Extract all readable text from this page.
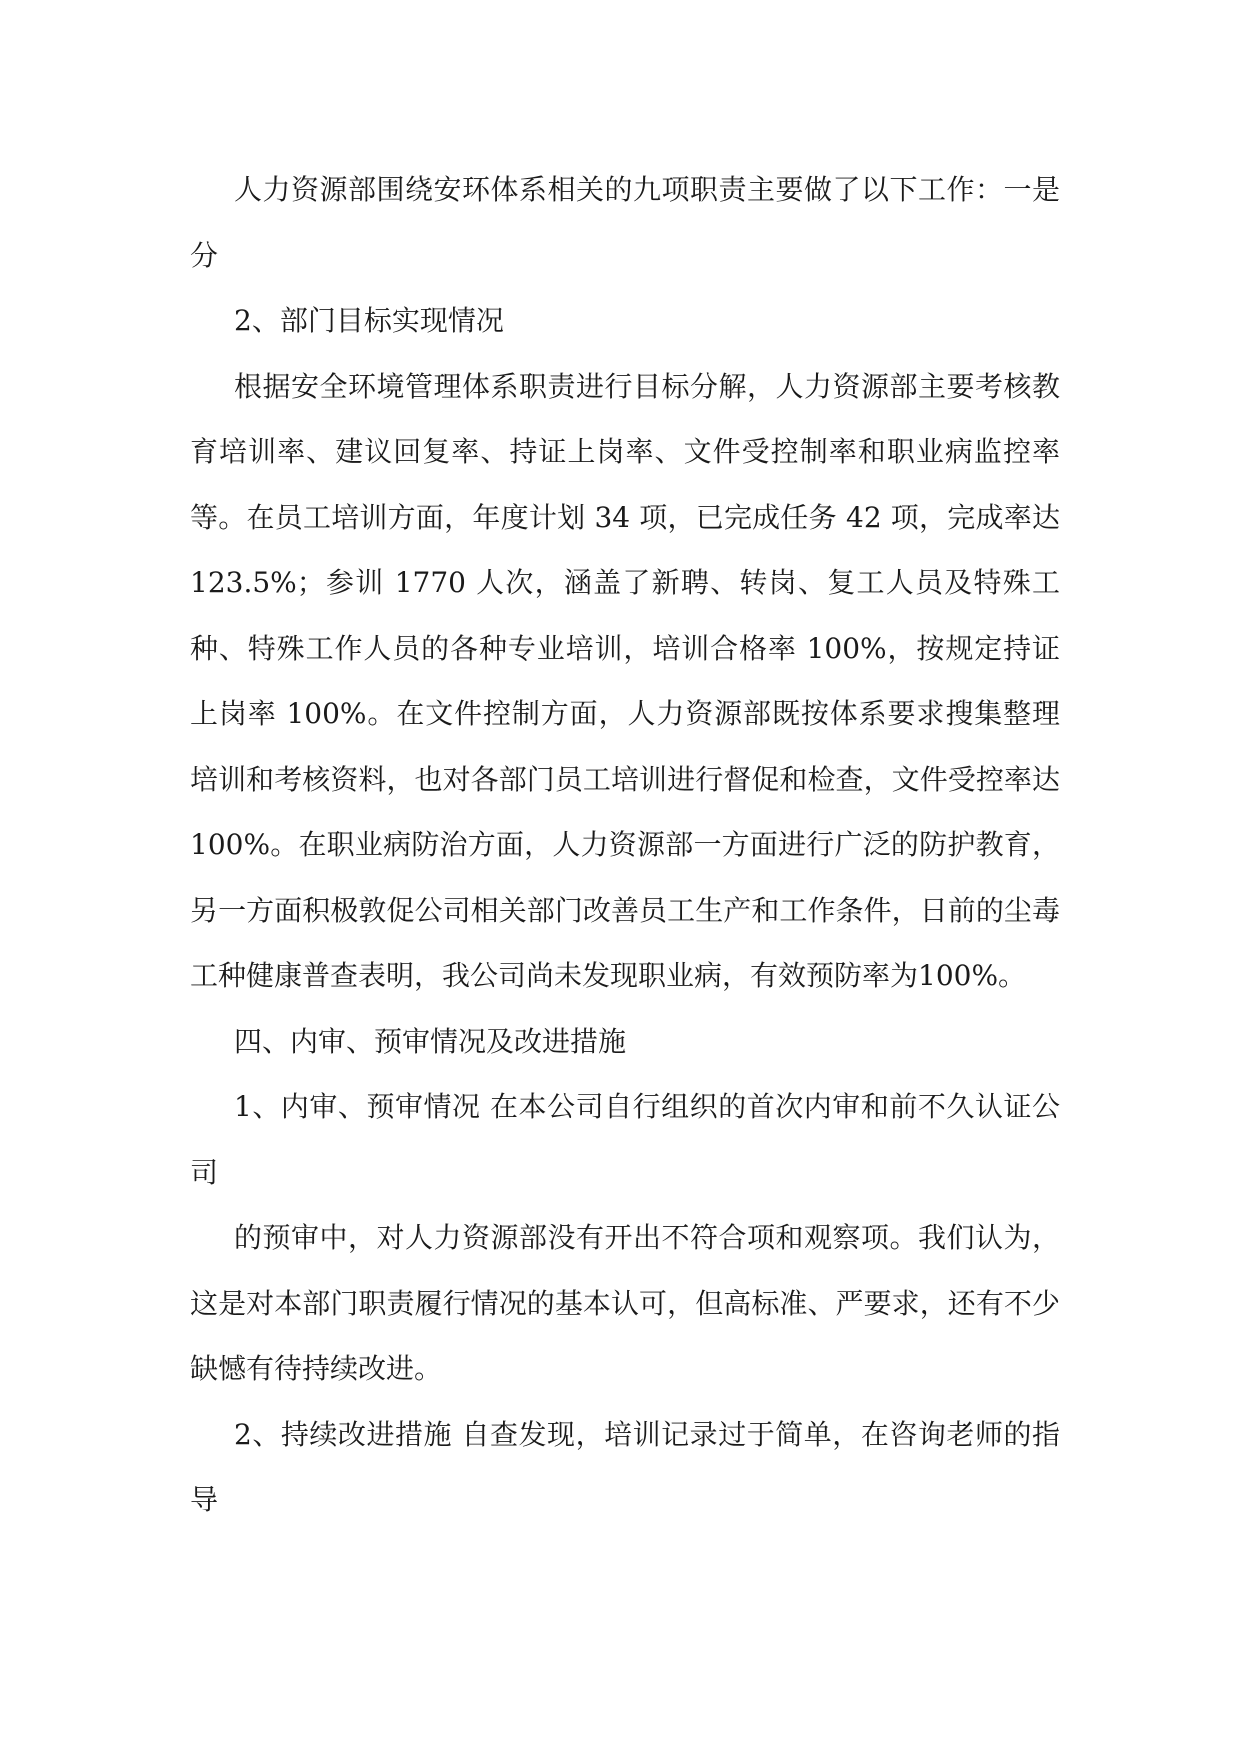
人力资源部围绕安环体系相关的九项职责主要做了以下工作：一是分

2、部门目标实现情况

根据安全环境管理体系职责进行目标分解，人力资源部主要考核教育培训率、建议回复率、持证上岗率、文件受控制率和职业病监控率等。在员工培训方面，年度计划 34 项，已完成任务 42 项，完成率达 123.5%；参训 1770 人次，涵盖了新聘、转岗、复工人员及特殊工种、特殊工作人员的各种专业培训，培训合格率 100%，按规定持证上岗率 100%。在文件控制方面，人力资源部既按体系要求搜集整理培训和考核资料，也对各部门员工培训进行督促和检查，文件受控率达 100%。在职业病防治方面，人力资源部一方面进行广泛的防护教育，另一方面积极敦促公司相关部门改善员工生产和工作条件，日前的尘毒工种健康普查表明，我公司尚未发现职业病，有效预防率为100%。

四、内审、预审情况及改进措施

1、内审、预审情况 在本公司自行组织的首次内审和前不久认证公司

的预审中，对人力资源部没有开出不符合项和观察项。我们认为，这是对本部门职责履行情况的基本认可，但高标准、严要求，还有不少缺憾有待持续改进。

2、持续改进措施 自查发现，培训记录过于简单，在咨询老师的指导
